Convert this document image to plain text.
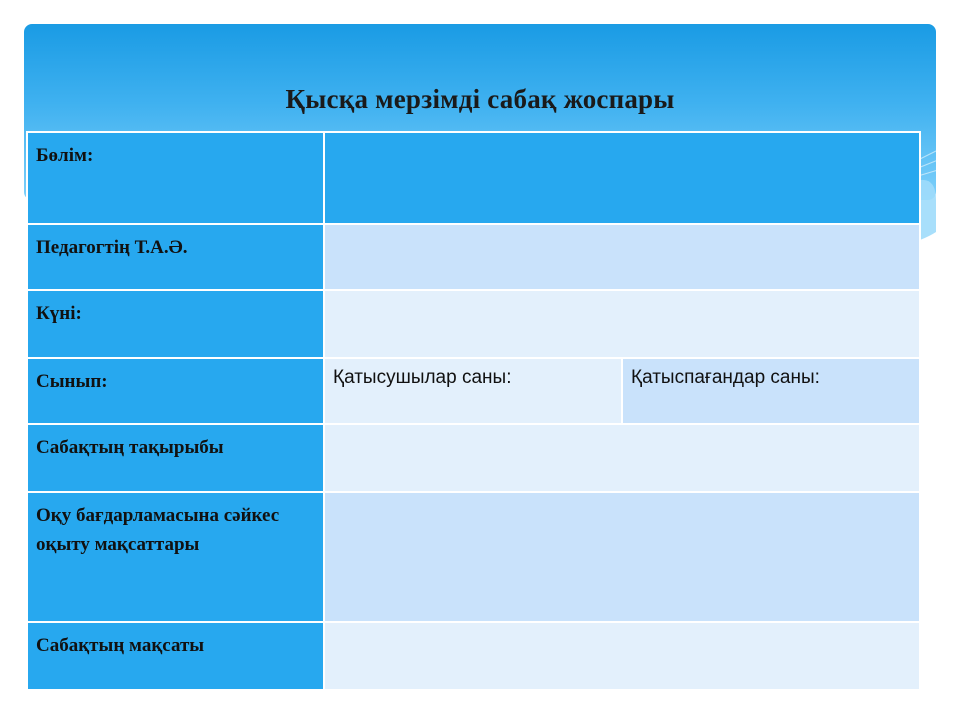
Қысқа мерзімді сабақ жоспары
Бөлім:		
Педагогтің Т.А.Ә.		
Күні:		
Сынып:	Қатысушылар саны:	Қатыспағандар саны:
Сабақтың тақырыбы		
Оқу бағдарламасына сәйкес оқыту мақсаттары		
Сабақтың мақсаты		
